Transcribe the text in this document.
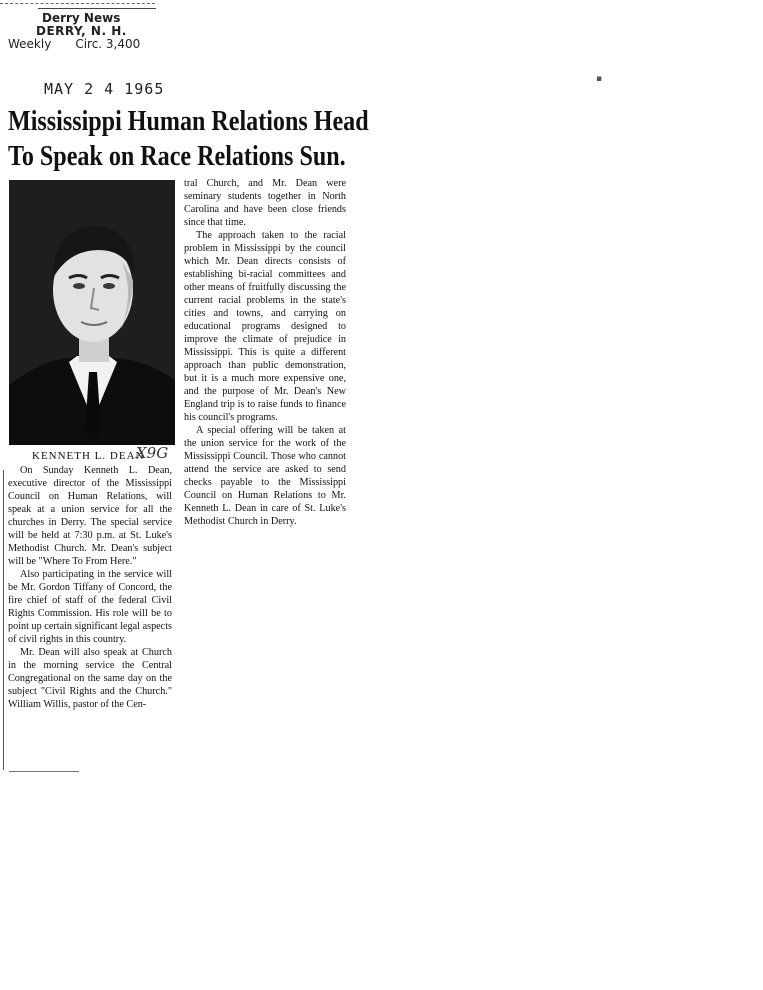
Derry News
DERRY, N. H.
Weekly Circ. 3,400
MAY 2 4 1965
▪
Mississippi Human Relations Head
To Speak on Race Relations Sun.
KENNETH L. DEAN
X9G

On Sunday Kenneth L. Dean, executive director of the Mississippi Council on Human Relations, will speak at a union service for all the churches in Derry. The special service will be held at 7:30 p.m. at St. Luke's Methodist Church. Mr. Dean's subject will be "Where To From Here."

Also participating in the service will be Mr. Gordon Tiffany of Concord, the fire chief of staff of the federal Civil Rights Commission. His role will be to point up certain significant legal aspects of civil rights in this country.

Mr. Dean will also speak at Church in the morning service the Central Congregational on the same day on the subject "Civil Rights and the Church." William Willis, pastor of the Cen-

tral Church, and Mr. Dean were seminary students together in North Carolina and have been close friends since that time.

The approach taken to the racial problem in Mississippi by the council which Mr. Dean directs consists of establishing bi-racial committees and other means of fruitfully discussing the current racial problems in the state's cities and towns, and carrying on educational programs designed to improve the climate of prejudice in Mississippi. This is quite a different approach than public demonstration, but it is a much more expensive one, and the purpose of Mr. Dean's New England trip is to raise funds to finance his council's programs.

A special offering will be taken at the union service for the work of the Mississippi Council. Those who cannot attend the service are asked to send checks payable to the Mississippi Council on Human Relations to Mr. Kenneth L. Dean in care of St. Luke's Methodist Church in Derry.
